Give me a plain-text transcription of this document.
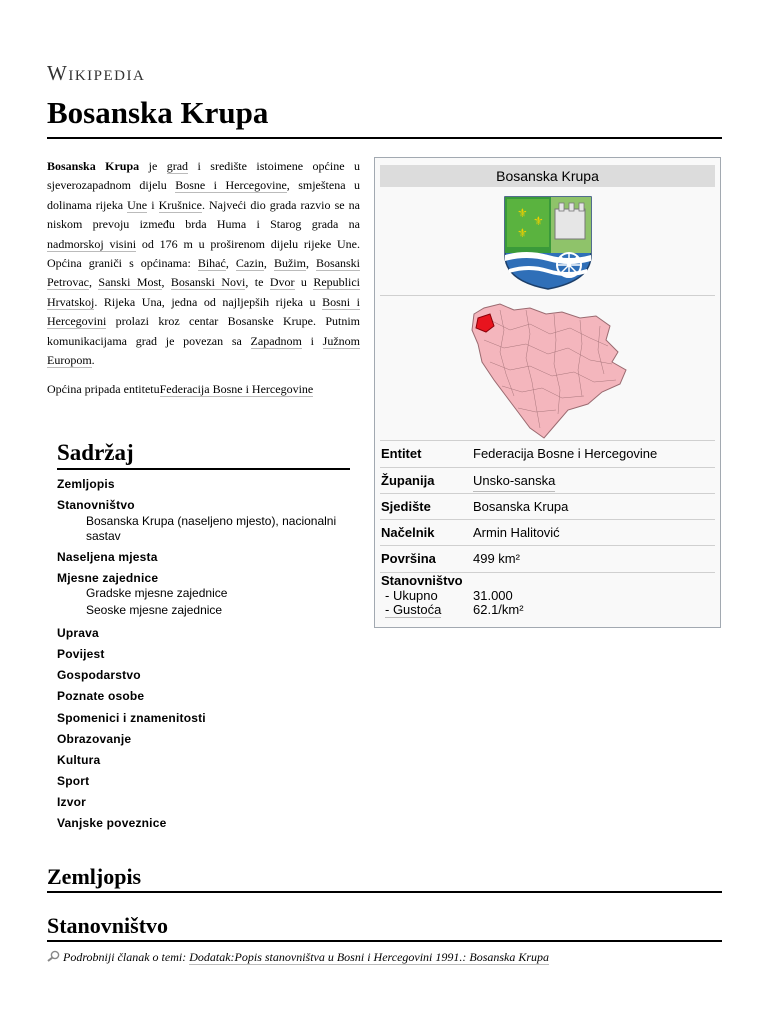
Wikipedia
Bosanska Krupa

Bosanska Krupa je grad i središte istoimene općine u sjeverozapadnom dijelu Bosne i Hercegovine, smještena u dolinama rijeka Une i Krušnice. Najveći dio grada razvio se na niskom prevoju između brda Huma i Starog grada na nadmorskoj visini od 176 m u proširenom dijelu rijeke Une. Općina graniči s općinama: Bihać, Cazin, Bužim, Bosanski Petrovac, Sanski Most, Bosanski Novi, te Dvor u Republici Hrvatskoj. Rijeka Una, jedna od najljepših rijeka u Bosni i Hercegovini prolazi kroz centar Bosanske Krupe. Putnim komunikacijama grad je povezan sa Zapadnom i Južnom Europom.

Općina pripada entitetuFederacija Bosne i Hercegovine

Bosanska Krupa
⚜
⚜
⚜
Entitet	Federacija Bosne i Hercegovine
Županija	Unsko-sanska
Sjedište	Bosanska Krupa
Načelnik	Armin Halitović
Površina	499 km²
Stanovništvo
- Ukupno	31.000
- Gustoća 62.1/km²
Sadržaj
Zemljopis
Stanovništvo
Bosanska Krupa (naseljeno mjesto), nacionalni sastav
Naseljena mjesta
Mjesne zajednice
Gradske mjesne zajednice
Seoske mjesne zajednice
Uprava
Povijest
Gospodarstvo
Poznate osobe
Spomenici i znamenitosti
Obrazovanje
Kultura
Sport
Izvor
Vanjske poveznice
Zemljopis
Stanovništvo
Podrobniji članak o temi: Dodatak:Popis stanovništva u Bosni i Hercegovini 1991.: Bosanska Krupa
